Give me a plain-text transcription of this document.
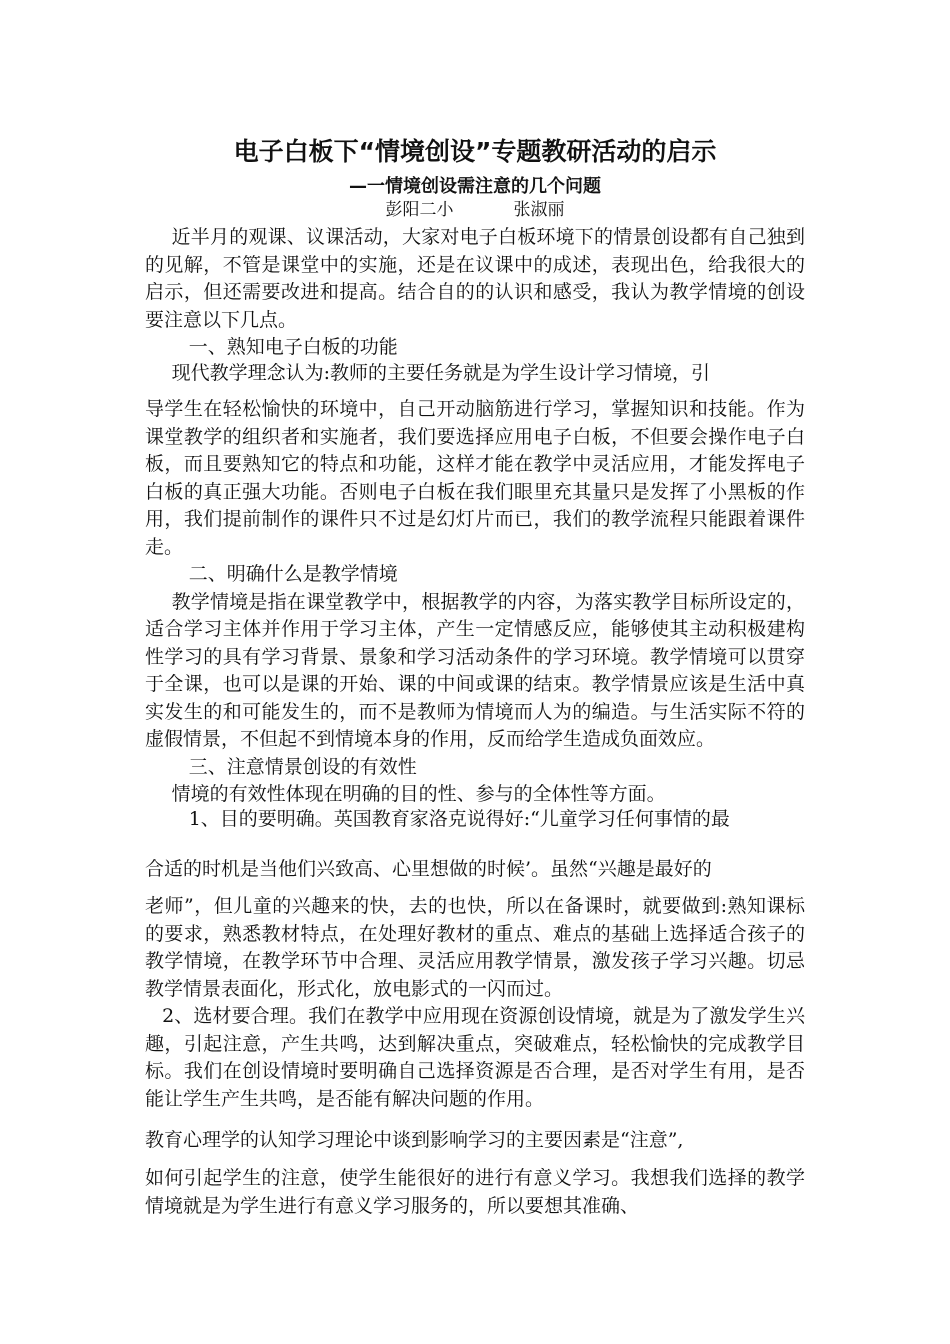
电子白板下“情境创设”专题教研活动的启示
—一情境创设需注意的几个问题
彭阳二小	张淑丽

近半月的观课、议课活动，大家对电子白板环境下的情景创设都有自己独到的见解，不管是课堂中的实施，还是在议课中的成述，表现出色，给我很大的启示，但还需要改进和提高。结合自的的认识和感受，我认为教学情境的创设要注意以下几点。

一、熟知电子白板的功能

现代教学理念认为:教师的主要任务就是为学生设计学习情境，引

导学生在轻松愉快的环境中，自己开动脑筋进行学习，掌握知识和技能。作为课堂教学的组织者和实施者，我们要选择应用电子白板，不但要会操作电子白板，而且要熟知它的特点和功能，这样才能在教学中灵活应用，才能发挥电子白板的真正强大功能。否则电子白板在我们眼里充其量只是发挥了小黑板的作用，我们提前制作的课件只不过是幻灯片而已，我们的教学流程只能跟着课件走。

二、明确什么是教学情境

教学情境是指在课堂教学中，根据教学的内容，为落实教学目标所设定的，适合学习主体并作用于学习主体，产生一定情感反应，能够使其主动积极建构性学习的具有学习背景、景象和学习活动条件的学习环境。教学情境可以贯穿于全课，也可以是课的开始、课的中间或课的结束。教学情景应该是生活中真实发生的和可能发生的，而不是教师为情境而人为的编造。与生活实际不符的虚假情景，不但起不到情境本身的作用，反而给学生造成负面效应。

三、注意情景创设的有效性

情境的有效性体现在明确的目的性、参与的全体性等方面。

1、目的要明确。英国教育家洛克说得好:“儿童学习任何事情的最

合适的时机是当他们兴致高、心里想做的时候’。虽然“兴趣是最好的

老师”，但儿童的兴趣来的快，去的也快，所以在备课时，就要做到:熟知课标的要求，熟悉教材特点，在处理好教材的重点、难点的基础上选择适合孩子的教学情境，在教学环节中合理、灵活应用教学情景，激发孩子学习兴趣。切忌教学情景表面化，形式化，放电影式的一闪而过。

2、选材要合理。我们在教学中应用现在资源创设情境，就是为了激发学生兴趣，引起注意，产生共鸣，达到解决重点，突破难点，轻松愉快的完成教学目标。我们在创设情境时要明确自己选择资源是否合理，是否对学生有用，是否能让学生产生共鸣，是否能有解决问题的作用。

教育心理学的认知学习理论中谈到影响学习的主要因素是“注意”,

如何引起学生的注意，使学生能很好的进行有意义学习。我想我们选择的教学情境就是为学生进行有意义学习服务的，所以要想其准确、
